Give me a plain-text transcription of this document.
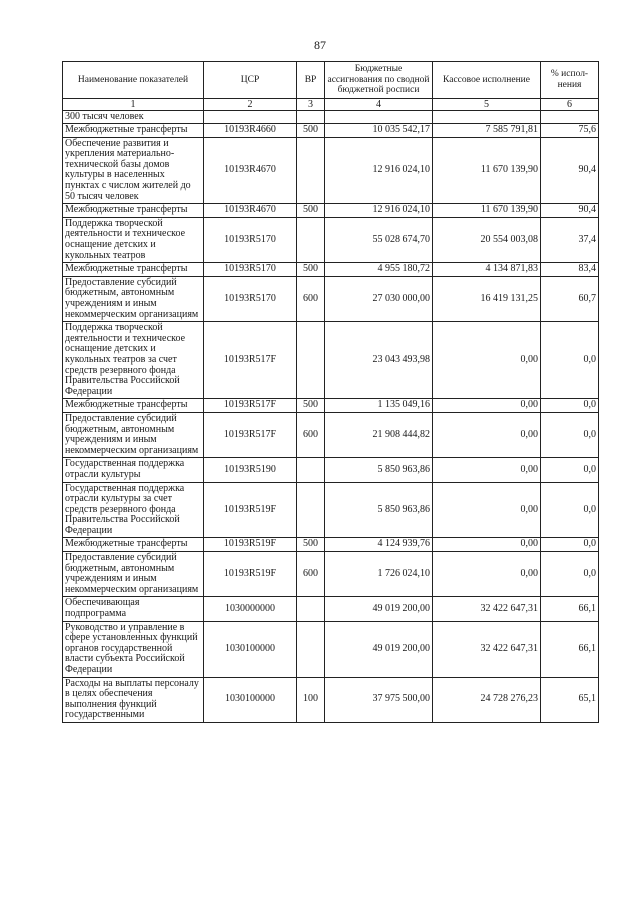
87
Наименование показателей	ЦСР	ВР	Бюджетные ассигнования по сводной бюджетной росписи	Кассовое исполнение	% испол-нения
1	2	3	4	5	6
300 тысяч человек					
Межбюджетные трансферты	10193R4660	500	10 035 542,17	7 585 791,81	75,6
Обеспечение развития и укрепления материально-технической базы домов культуры в населенных пунктах с числом жителей до 50 тысяч человек	10193R4670		12 916 024,10	11 670 139,90	90,4
Межбюджетные трансферты	10193R4670	500	12 916 024,10	11 670 139,90	90,4
Поддержка творческой деятельности и техническое оснащение детских и кукольных театров	10193R5170		55 028 674,70	20 554 003,08	37,4
Межбюджетные трансферты	10193R5170	500	4 955 180,72	4 134 871,83	83,4
Предоставление субсидий бюджетным, автономным учреждениям и иным некоммерческим организациям	10193R5170	600	27 030 000,00	16 419 131,25	60,7
Поддержка творческой деятельности и техническое оснащение детских и кукольных театров за счет средств резервного фонда Правительства Российской Федерации	10193R517F		23 043 493,98	0,00	0,0
Межбюджетные трансферты	10193R517F	500	1 135 049,16	0,00	0,0
Предоставление субсидий бюджетным, автономным учреждениям и иным некоммерческим организациям	10193R517F	600	21 908 444,82	0,00	0,0
Государственная поддержка отрасли культуры	10193R5190		5 850 963,86	0,00	0,0
Государственная поддержка отрасли культуры за счет средств резервного фонда Правительства Российской Федерации	10193R519F		5 850 963,86	0,00	0,0
Межбюджетные трансферты	10193R519F	500	4 124 939,76	0,00	0,0
Предоставление субсидий бюджетным, автономным учреждениям и иным некоммерческим организациям	10193R519F	600	1 726 024,10	0,00	0,0
Обеспечивающая подпрограмма	1030000000		49 019 200,00	32 422 647,31	66,1
Руководство и управление в сфере установленных функций органов государственной власти субъекта Российской Федерации	1030100000		49 019 200,00	32 422 647,31	66,1
Расходы на выплаты персоналу в целях обеспечения выполнения функций государственными	1030100000	100	37 975 500,00	24 728 276,23	65,1
